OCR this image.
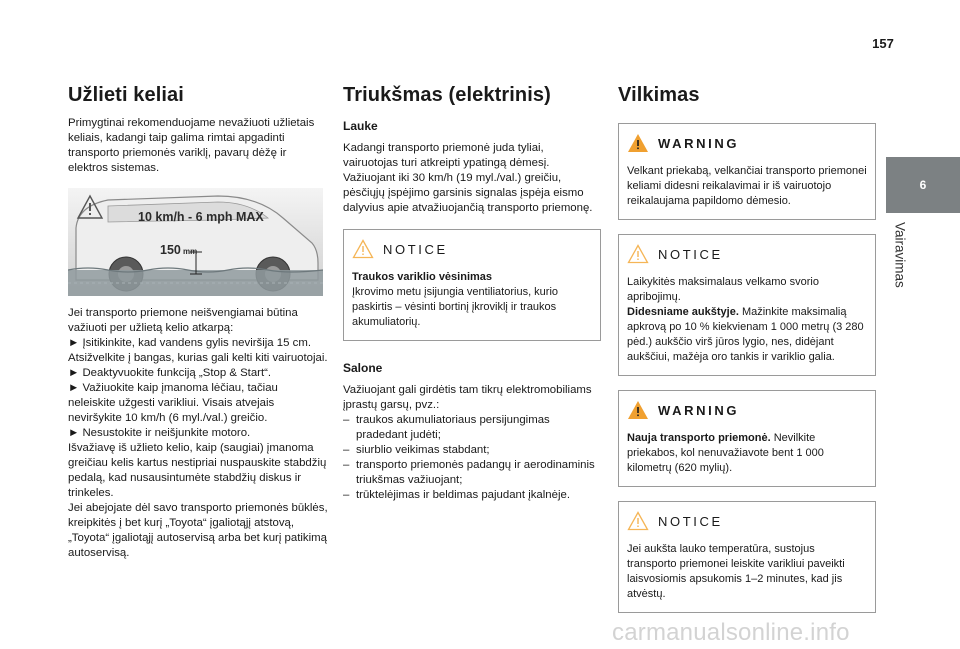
157
Užlieti keliai

Primygtinai rekomenduojame nevažiuoti užlietais keliais, kadangi taip galima rimtai apgadinti transporto priemonės variklį, pavarų dėžę ir elektros sistemas.

10 km/h - 6 mph MAX
150 mm

Jei transporto priemone neišvengiamai būtina važiuoti per užlietą kelio atkarpą:

► Įsitikinkite, kad vandens gylis neviršija 15 cm. Atsižvelkite į bangas, kurias gali kelti kiti vairuotojai.

► Deaktyvuokite funkciją „Stop & Start“.

► Važiuokite kaip įmanoma lėčiau, tačiau neleiskite užgesti varikliui. Visais atvejais neviršykite 10 km/h (6 myl./val.) greičio.

► Nesustokite ir neišjunkite motoro.

Išvažiavę iš užlieto kelio, kaip (saugiai) įmanoma greičiau kelis kartus nestipriai nuspauskite stabdžių pedalą, kad nusausintumėte stabdžių diskus ir trinkeles.

Jei abejojate dėl savo transporto priemonės būklės, kreipkitės į bet kurį „Toyota“ įgaliotąjį atstovą, „Toyota“ įgaliotąjį autoservisą arba bet kurį patikimą autoservisą.

Triukšmas (elektrinis)
Lauke

Kadangi transporto priemonė juda tyliai, vairuotojas turi atkreipti ypatingą dėmesį. Važiuojant iki 30 km/h (19 myl./val.) greičiu, pėsčiųjų įspėjimo garsinis signalas įspėja eismo dalyvius apie atvažiuojančią transporto priemonę.

NOTICE

Traukos variklio vėsinimas

Įkrovimo metu įsijungia ventiliatorius, kurio paskirtis – vėsinti bortinį įkroviklį ir traukos akumuliatorių.

Salone

Važiuojant gali girdėtis tam tikrų elektromobiliams įprastų garsų, pvz.:

– traukos akumuliatoriaus persijungimas pradedant judėti;
– siurblio veikimas stabdant;
– transporto priemonės padangų ir aerodinaminis triukšmas važiuojant;
– trūktelėjimas ir beldimas pajudant įkalnėje.
Vilkimas
WARNING

Velkant priekabą, velkančiai transporto priemonei keliami didesni reikalavimai ir iš vairuotojo reikalaujama papildomo dėmesio.

NOTICE

Laikykitės maksimalaus velkamo svorio apribojimų.

Didesniame aukštyje. Mažinkite maksimalią apkrovą po 10 % kiekvienam 1 000 metrų (3 280 pėd.) aukščio virš jūros lygio, nes, didėjant aukščiui, mažėja oro tankis ir variklio galia.

WARNING

Nauja transporto priemonė. Nevilkite priekabos, kol nenuvažiavote bent 1 000 kilometrų (620 mylių).

NOTICE

Jei aukšta lauko temperatūra, sustojus transporto priemonei leiskite varikliui paveikti laisvosiomis apsukomis 1–2 minutes, kad jis atvėstų.

6
Vairavimas
carmanualsonline.info
